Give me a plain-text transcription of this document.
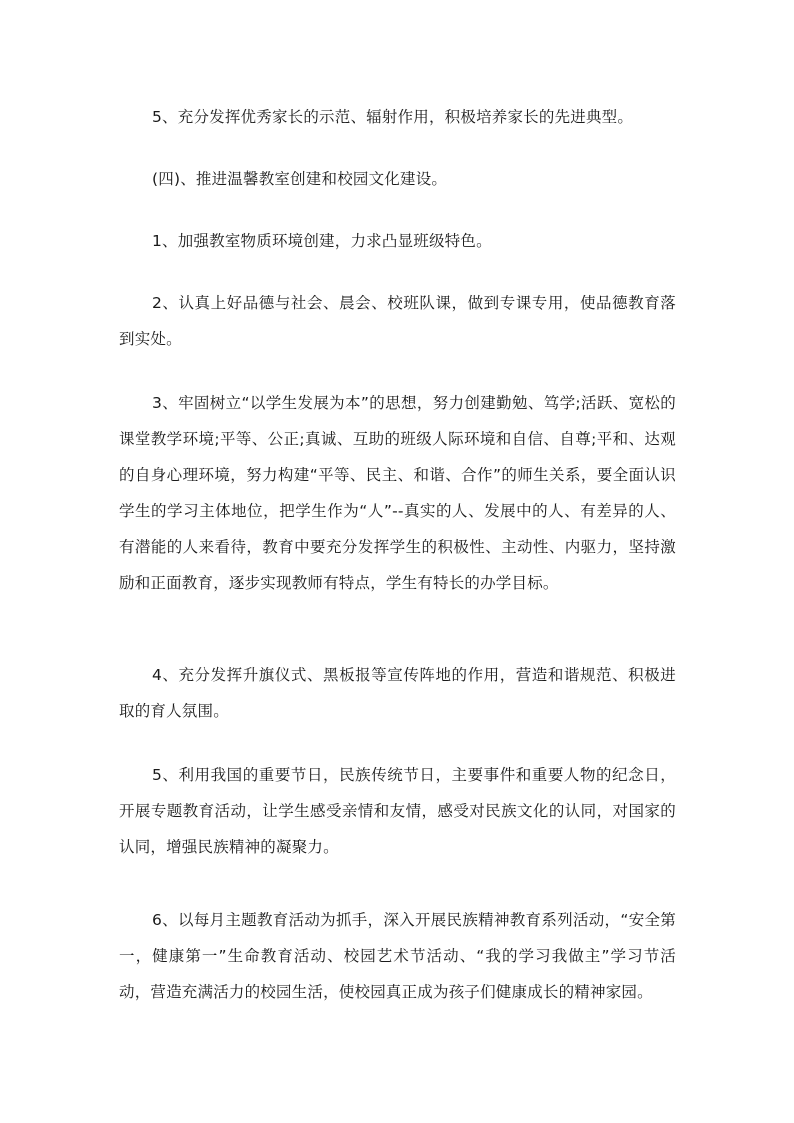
5、充分发挥优秀家长的示范、辐射作用，积极培养家长的先进典型。

(四)、推进温馨教室创建和校园文化建设。

1、加强教室物质环境创建，力求凸显班级特色。

2、认真上好品德与社会、晨会、校班队课，做到专课专用，使品德教育落到实处。

3、牢固树立“以学生发展为本”的思想，努力创建勤勉、笃学;活跃、宽松的课堂教学环境;平等、公正;真诚、互助的班级人际环境和自信、自尊;平和、达观的自身心理环境，努力构建“平等、民主、和谐、合作”的师生关系，要全面认识学生的学习主体地位，把学生作为“人”--真实的人、发展中的人、有差异的人、有潜能的人来看待，教育中要充分发挥学生的积极性、主动性、内驱力，坚持激励和正面教育，逐步实现教师有特点，学生有特长的办学目标。

4、充分发挥升旗仪式、黑板报等宣传阵地的作用，营造和谐规范、积极进取的育人氛围。

5、利用我国的重要节日，民族传统节日，主要事件和重要人物的纪念日，开展专题教育活动，让学生感受亲情和友情，感受对民族文化的认同，对国家的认同，增强民族精神的凝聚力。

6、以每月主题教育活动为抓手，深入开展民族精神教育系列活动，“安全第一，健康第一”生命教育活动、校园艺术节活动、“我的学习我做主”学习节活动，营造充满活力的校园生活，使校园真正成为孩子们健康成长的精神家园。
